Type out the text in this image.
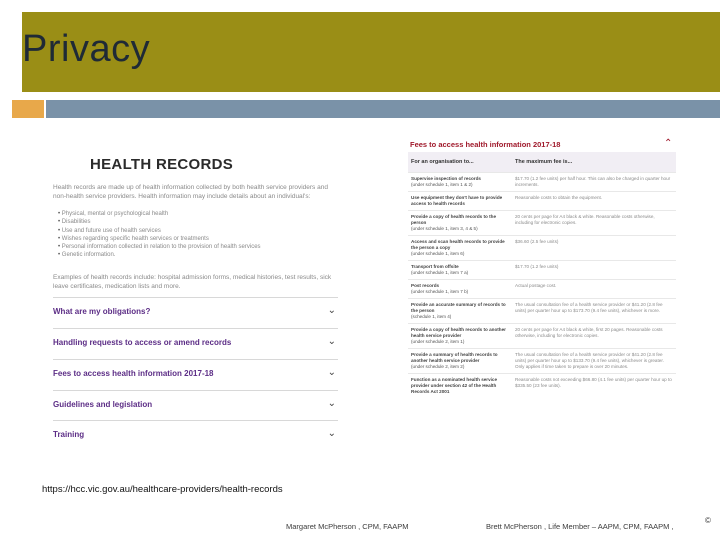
Privacy
HEALTH RECORDS
Health records are made up of health information collected by both health service providers and non-health service providers. Health information may include details about an individual's:
• Physical, mental or psychological health
• Disabilities
• Use and future use of health services
• Wishes regarding specific health services or treatments
• Personal information collected in relation to the provision of health services
• Genetic information.
Examples of health records include: hospital admission forms, medical histories, test results, sick leave certificates, medication lists and more.
What are my obligations?	⌄
Handling requests to access or amend records	⌄
Fees to access health information 2017-18	⌄
Guidelines and legislation	⌄
Training	⌄
Fees to access health information 2017-18	⌃
For an organisation to...	The maximum fee is...
Supervise inspection of records
(under schedule 1, item 1 & 2)	$17.70 (1.2 fee units) per half hour. This can also be charged in quarter hour increments.
Use equipment they don't have to provide access to health records	Reasonable costs to obtain the equipment.
Provide a copy of health records to the person
(under schedule 1, item 3, 4 & 5)	20 cents per page for A4 black & white. Reasonable costs otherwise, including for electronic copies.
Access and scan health records to provide the person a copy
(under schedule 1, item 6)	$36.60 (2.5 fee units)
Transport from offsite
(under schedule 1, item 7 a)	$17.70 (1.2 fee units)
Post records
(under schedule 1, item 7 b)	Actual postage cost.
Provide an accurate summary of records to the person
(schedule 1, item 4)	The usual consultation fee of a health service provider or $41.20 (2.8 fee units) per quarter hour up to $173.70 (9.4 fee units), whichever is more.
Provide a copy of health records to another health service provider
(under schedule 2, item 1)	20 cents per page for A4 black & white, first 20 pages. Reasonable costs otherwise, including for electronic copies.
Provide a summary of health records to another health service provider
(under schedule 2, item 2)	The usual consultation fee of a health service provider or $41.20 (2.8 fee units) per quarter hour up to $133.70 (9.4 fee units), whichever is greater. Only applies if time taken to prepare is over 20 minutes.
Function as a nominated health service provider under section 42 of the Health Records Act 2001	Reasonable costs not exceeding $66.80 (4.1 fee units) per quarter hour up to $335.50 (23 fee units).
https://hcc.vic.gov.au/healthcare-providers/health-records
Margaret McPherson , CPM, FAAPM	Brett McPherson , Life Member – AAPM, CPM, FAAPM ,
©
